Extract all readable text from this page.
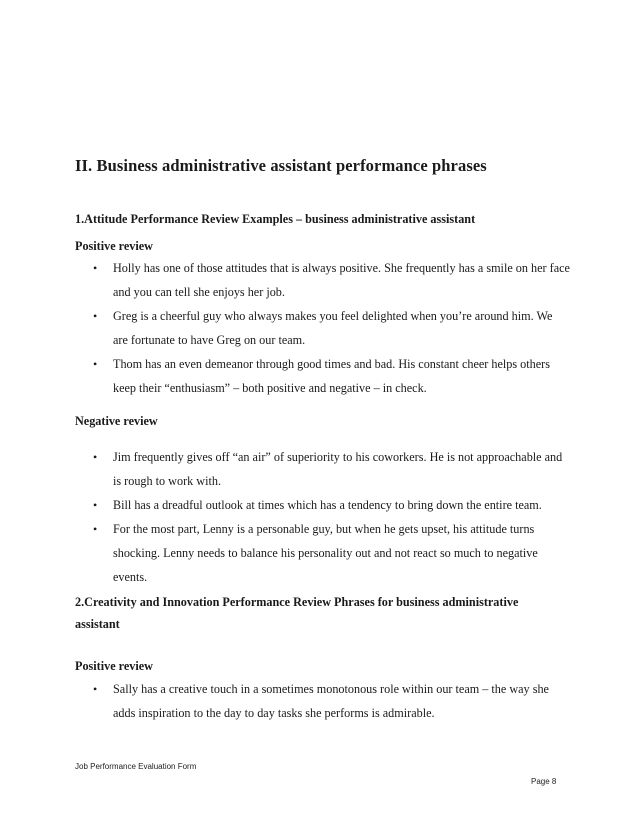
II. Business administrative assistant performance phrases
1.Attitude Performance Review Examples – business administrative assistant

Positive review

• Holly has one of those attitudes that is always positive. She frequently has a smile on her face and you can tell she enjoys her job.
• Greg is a cheerful guy who always makes you feel delighted when you’re around him. We are fortunate to have Greg on our team.
• Thom has an even demeanor through good times and bad. His constant cheer helps others keep their “enthusiasm” – both positive and negative – in check.

Negative review

• Jim frequently gives off “an air” of superiority to his coworkers. He is not approachable and is rough to work with.
• Bill has a dreadful outlook at times which has a tendency to bring down the entire team.
• For the most part, Lenny is a personable guy, but when he gets upset, his attitude turns shocking. Lenny needs to balance his personality out and not react so much to negative events.
2.Creativity and Innovation Performance Review Phrases for business administrative assistant

Positive review

• Sally has a creative touch in a sometimes monotonous role within our team – the way she adds inspiration to the day to day tasks she performs is admirable.
Job Performance Evaluation Form
Page 8
